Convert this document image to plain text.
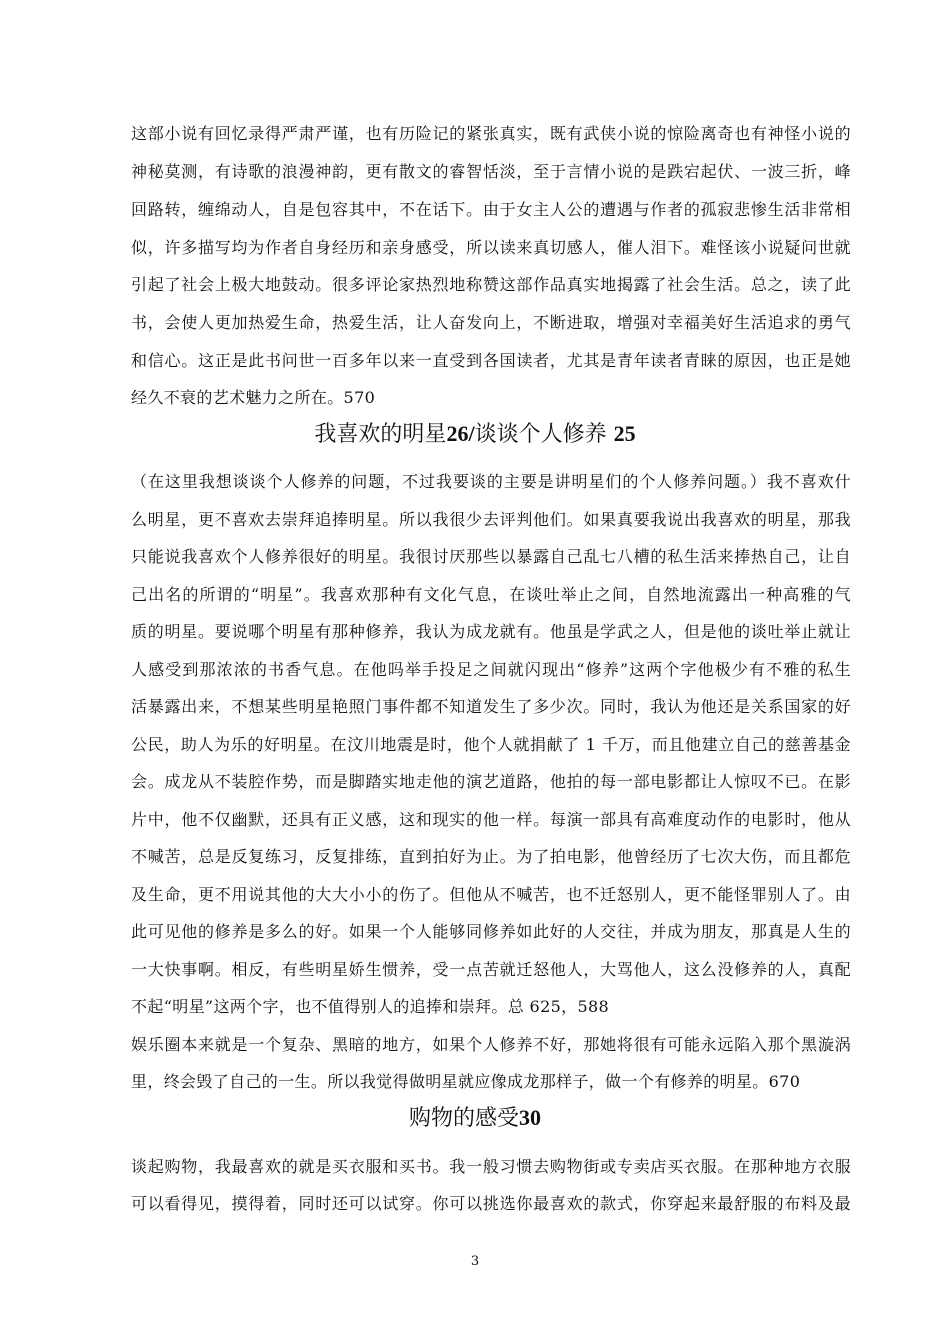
这部小说有回忆录得严肃严谨，也有历险记的紧张真实，既有武侠小说的惊险离奇也有神怪小说的
神秘莫测，有诗歌的浪漫神韵，更有散文的睿智恬淡，至于言情小说的是跌宕起伏、一波三折，峰
回路转，缠绵动人，自是包容其中，不在话下。由于女主人公的遭遇与作者的孤寂悲惨生活非常相
似，许多描写均为作者自身经历和亲身感受，所以读来真切感人，催人泪下。难怪该小说疑问世就
引起了社会上极大地鼓动。很多评论家热烈地称赞这部作品真实地揭露了社会生活。总之，读了此
书，会使人更加热爱生命，热爱生活，让人奋发向上，不断进取，增强对幸福美好生活追求的勇气
和信心。这正是此书问世一百多年以来一直受到各国读者，尤其是青年读者青睐的原因，也正是她
经久不衰的艺术魅力之所在。570
我喜欢的明星26/谈谈个人修养 25
（在这里我想谈谈个人修养的问题，不过我要谈的主要是讲明星们的个人修养问题。）我不喜欢什
么明星，更不喜欢去崇拜追捧明星。所以我很少去评判他们。如果真要我说出我喜欢的明星，那我
只能说我喜欢个人修养很好的明星。我很讨厌那些以暴露自己乱七八槽的私生活来捧热自己，让自
己出名的所谓的“明星”。我喜欢那种有文化气息，在谈吐举止之间，自然地流露出一种高雅的气
质的明星。要说哪个明星有那种修养，我认为成龙就有。他虽是学武之人，但是他的谈吐举止就让
人感受到那浓浓的书香气息。在他吗举手投足之间就闪现出“修养”这两个字他极少有不雅的私生
活暴露出来，不想某些明星艳照门事件都不知道发生了多少次。同时，我认为他还是关系国家的好
公民，助人为乐的好明星。在汶川地震是时，他个人就捐献了 1 千万，而且他建立自己的慈善基金
会。成龙从不装腔作势，而是脚踏实地走他的演艺道路，他拍的每一部电影都让人惊叹不已。在影
片中，他不仅幽默，还具有正义感，这和现实的他一样。每演一部具有高难度动作的电影时，他从
不喊苦，总是反复练习，反复排练，直到拍好为止。为了拍电影，他曾经历了七次大伤，而且都危
及生命，更不用说其他的大大小小的伤了。但他从不喊苦，也不迁怒别人，更不能怪罪别人了。由
此可见他的修养是多么的好。如果一个人能够同修养如此好的人交往，并成为朋友，那真是人生的
一大快事啊。相反，有些明星娇生惯养，受一点苦就迁怒他人，大骂他人，这么没修养的人，真配
不起“明星”这两个字，也不值得别人的追捧和崇拜。总 625，588
娱乐圈本来就是一个复杂、黑暗的地方，如果个人修养不好，那她将很有可能永远陷入那个黑漩涡
里，终会毁了自己的一生。所以我觉得做明星就应像成龙那样子，做一个有修养的明星。670
购物的感受30
谈起购物，我最喜欢的就是买衣服和买书。我一般习惯去购物街或专卖店买衣服。在那种地方衣服
可以看得见，摸得着，同时还可以试穿。你可以挑选你最喜欢的款式，你穿起来最舒服的布料及最
3
